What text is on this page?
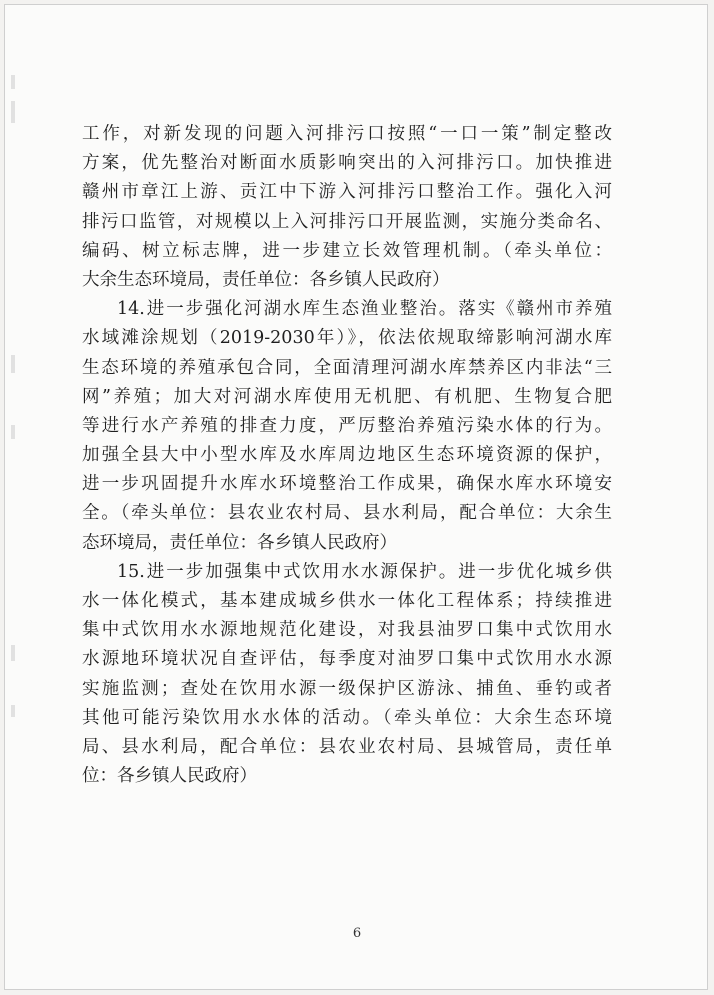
工作，对新发现的问题入河排污口按照“一口一策”制定整改
方案，优先整治对断面水质影响突出的入河排污口。加快推进
赣州市章江上游、贡江中下游入河排污口整治工作。强化入河
排污口监管，对规模以上入河排污口开展监测，实施分类命名、
编码、树立标志牌，进一步建立长效管理机制。（牵头单位：
大余生态环境局，责任单位：各乡镇人民政府）
14.进一步强化河湖水库生态渔业整治。落实《赣州市养殖
水域滩涂规划（2019-2030年）》，依法依规取缔影响河湖水库
生态环境的养殖承包合同，全面清理河湖水库禁养区内非法“三
网”养殖；加大对河湖水库使用无机肥、有机肥、生物复合肥
等进行水产养殖的排查力度，严厉整治养殖污染水体的行为。
加强全县大中小型水库及水库周边地区生态环境资源的保护，
进一步巩固提升水库水环境整治工作成果，确保水库水环境安
全。（牵头单位：县农业农村局、县水利局，配合单位：大余生
态环境局，责任单位：各乡镇人民政府）
15.进一步加强集中式饮用水水源保护。进一步优化城乡供
水一体化模式，基本建成城乡供水一体化工程体系；持续推进
集中式饮用水水源地规范化建设，对我县油罗口集中式饮用水
水源地环境状况自查评估，每季度对油罗口集中式饮用水水源
实施监测；查处在饮用水源一级保护区游泳、捕鱼、垂钓或者
其他可能污染饮用水水体的活动。（牵头单位：大余生态环境
局、县水利局，配合单位：县农业农村局、县城管局，责任单
位：各乡镇人民政府）
6
